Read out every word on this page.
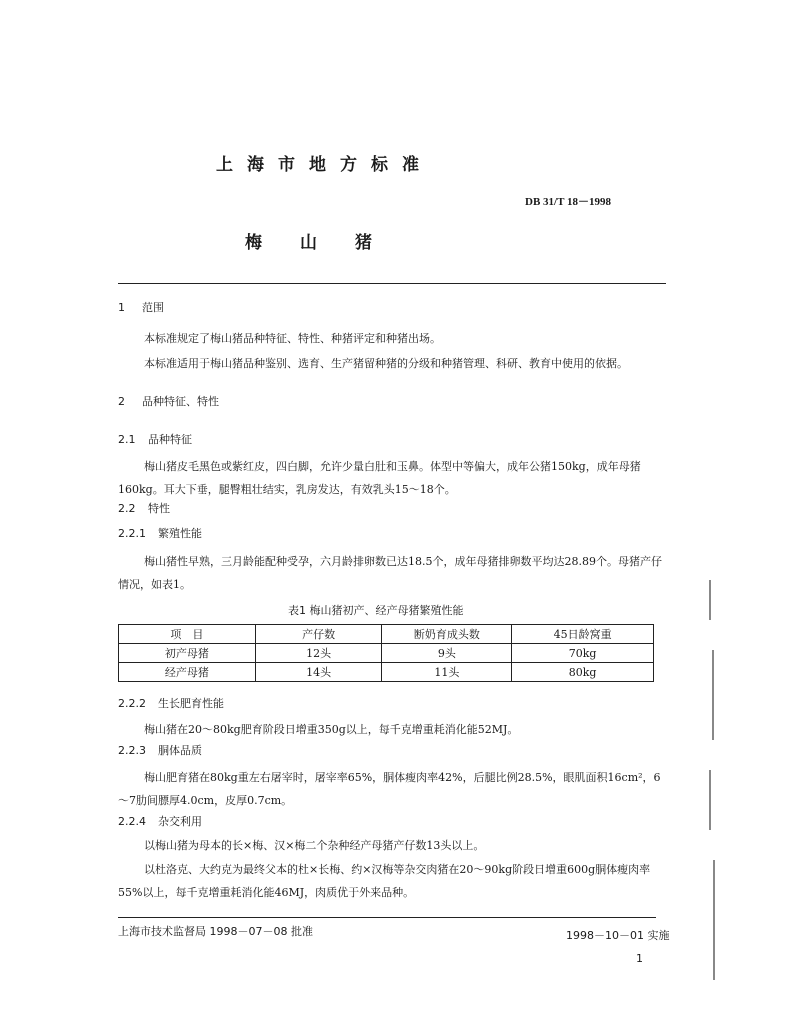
上海市地方标准
DB 31/T 18－1998
梅山猪
1 范围
本标准规定了梅山猪品种特征、特性、种猪评定和种猪出场。
本标准适用于梅山猪品种鉴别、选育、生产猪留种猪的分级和种猪管理、科研、教育中使用的依据。
2 品种特征、特性
2.1 品种特征
梅山猪皮毛黑色或紫红皮，四白脚，允许少量白肚和玉鼻。体型中等偏大，成年公猪150kg，成年母猪160kg。耳大下垂，腿臀粗壮结实，乳房发达，有效乳头15～18个。
2.2 特性
2.2.1 繁殖性能
梅山猪性早熟，三月龄能配种受孕，六月龄排卵数已达18.5个，成年母猪排卵数平均达28.89个。母猪产仔情况，如表1。
表1 梅山猪初产、经产母猪繁殖性能
项　目	产仔数	断奶育成头数	45日龄窝重
初产母猪	12头	9头	70kg
经产母猪	14头	11头	80kg
2.2.2 生长肥育性能
梅山猪在20～80kg肥育阶段日增重350g以上，每千克增重耗消化能52MJ。
2.2.3 胴体品质
梅山肥育猪在80kg重左右屠宰时，屠宰率65%，胴体瘦肉率42%，后腿比例28.5%，眼肌面积16cm²，6～7肋间膘厚4.0cm，皮厚0.7cm。
2.2.4 杂交利用
以梅山猪为母本的长×梅、汉×梅二个杂种经产母猪产仔数13头以上。
以杜洛克、大约克为最终父本的杜×长梅、约×汉梅等杂交肉猪在20～90kg阶段日增重600g胴体瘦肉率55%以上，每千克增重耗消化能46MJ，肉质优于外来品种。
上海市技术监督局 1998－07－08 批准	1998－10－01 实施
1
